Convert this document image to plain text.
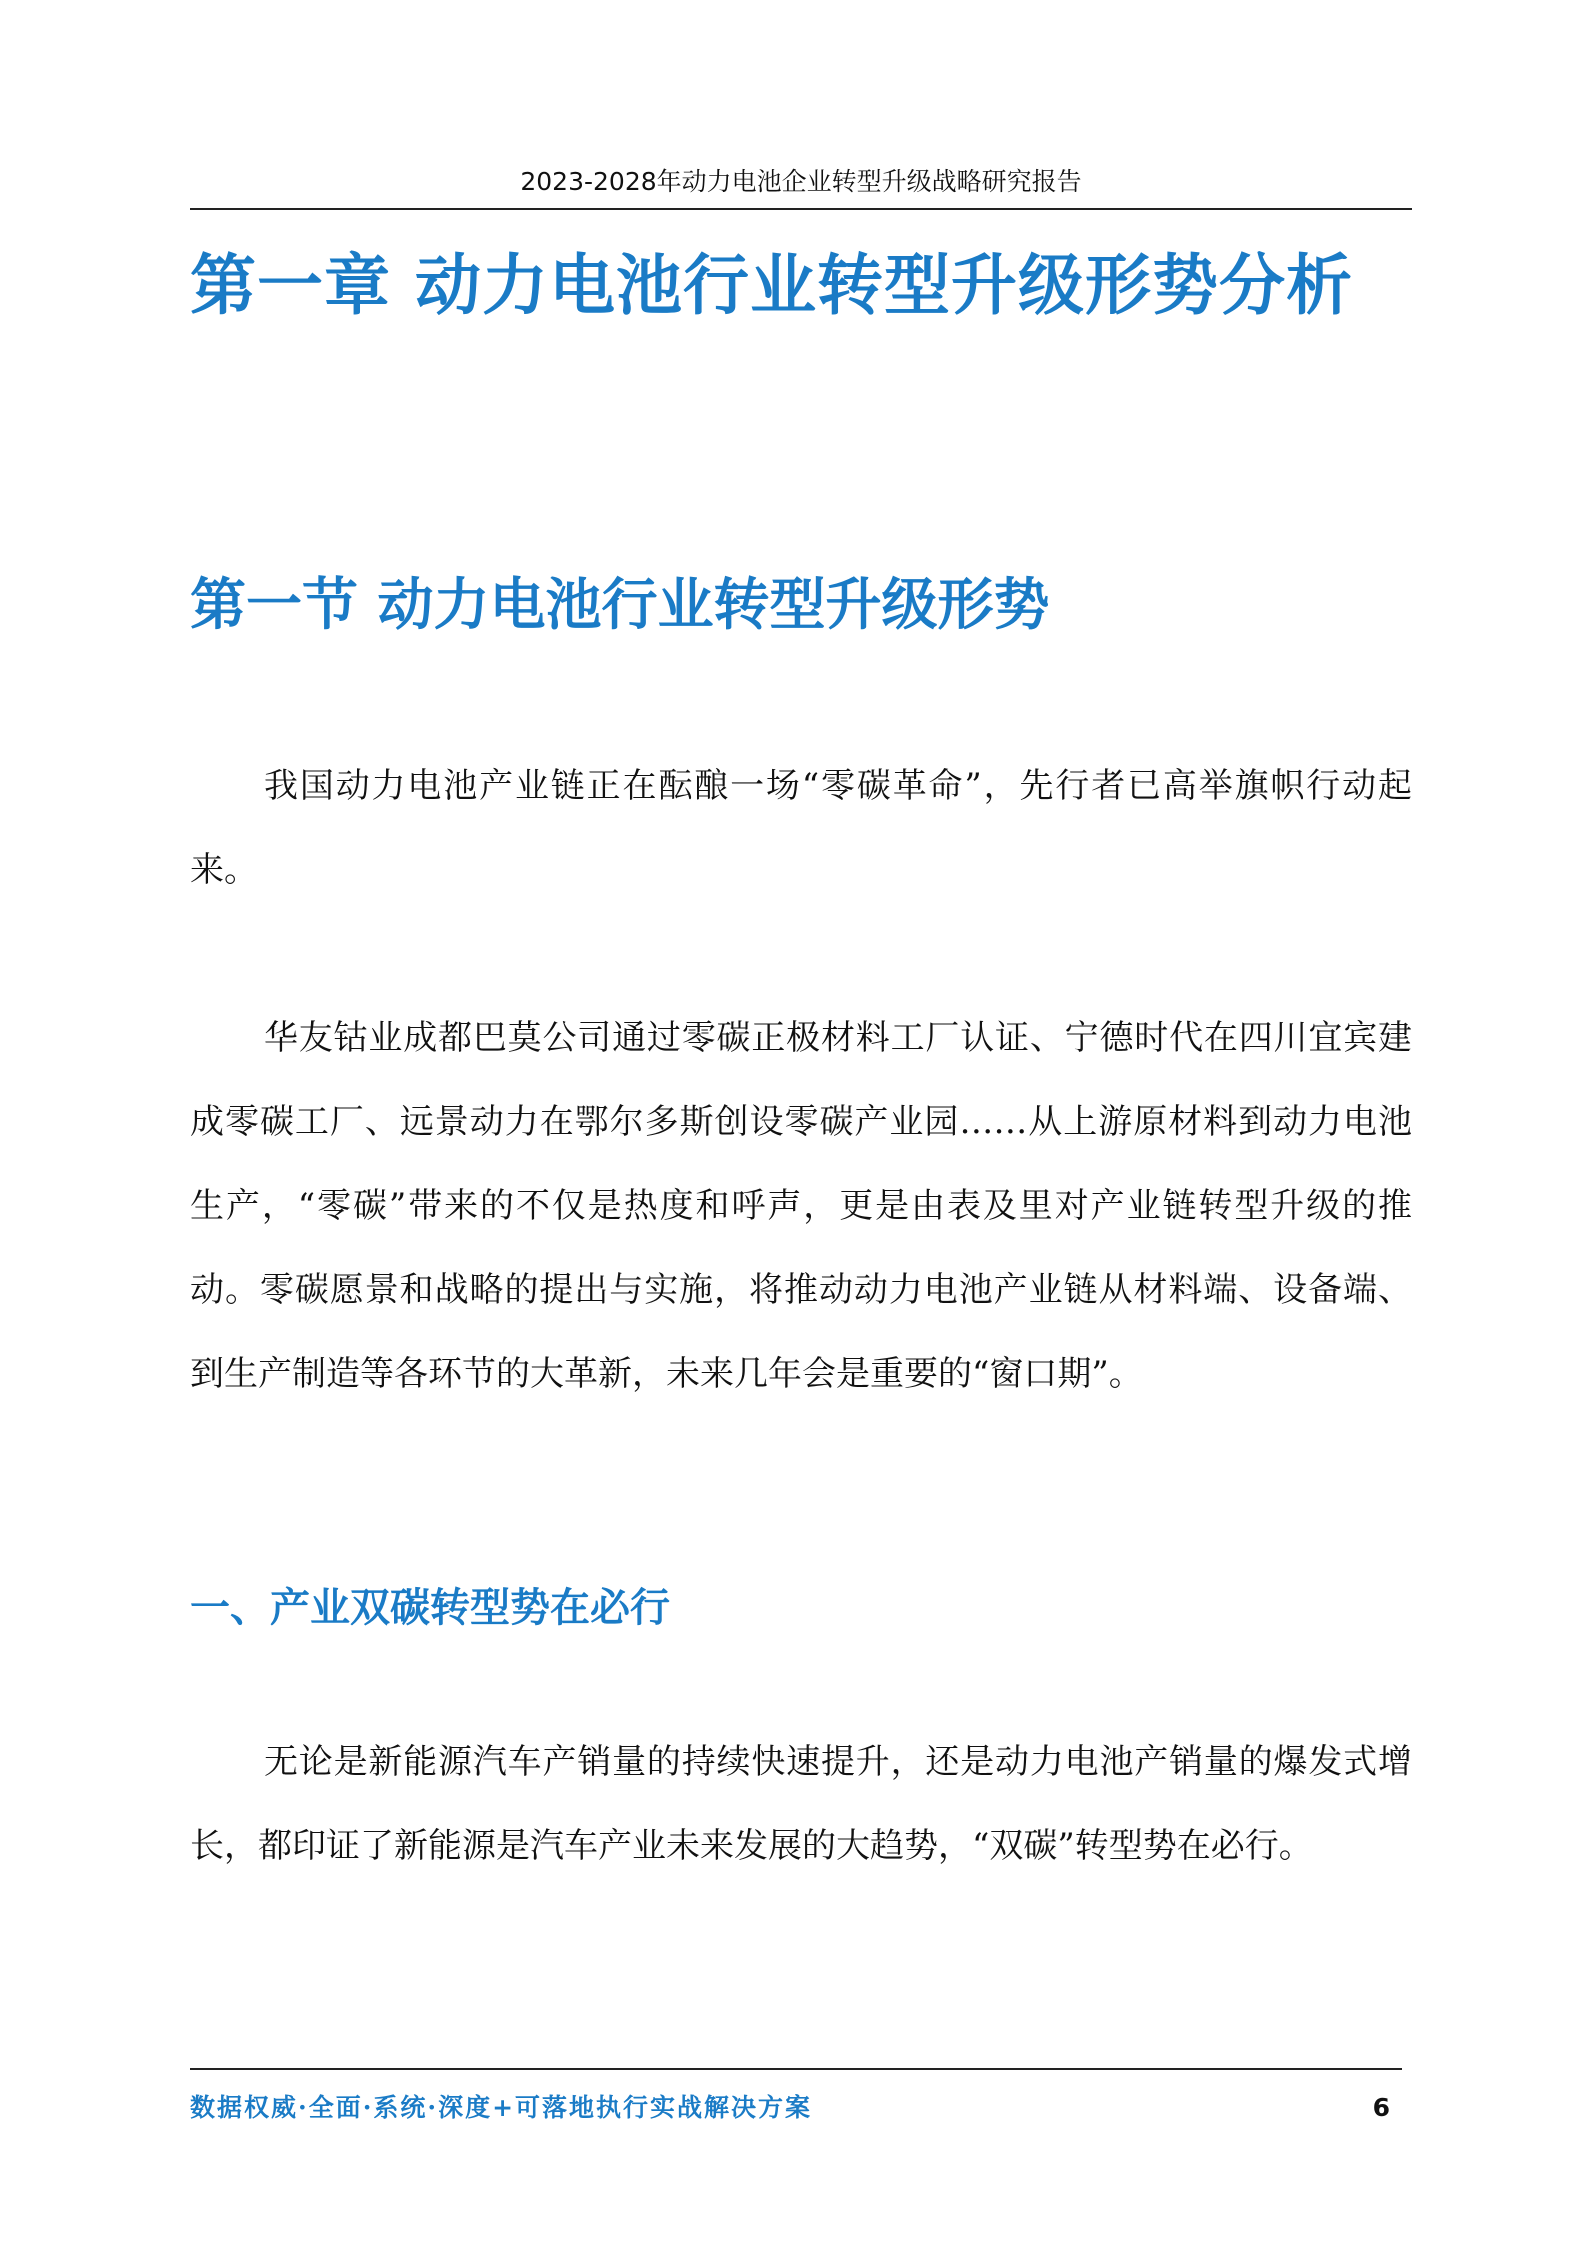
2023-2028年动力电池企业转型升级战略研究报告
第一章 动力电池行业转型升级形势分析
第一节 动力电池行业转型升级形势

我国动力电池产业链正在酝酿一场“零碳革命”，先行者已高举旗帜行动起来。

华友钴业成都巴莫公司通过零碳正极材料工厂认证、宁德时代在四川宜宾建成零碳工厂、远景动力在鄂尔多斯创设零碳产业园……从上游原材料到动力电池生产，“零碳”带来的不仅是热度和呼声，更是由表及里对产业链转型升级的推动。零碳愿景和战略的提出与实施，将推动动力电池产业链从材料端、设备端、到生产制造等各环节的大革新，未来几年会是重要的“窗口期”。

一、产业双碳转型势在必行

无论是新能源汽车产销量的持续快速提升，还是动力电池产销量的爆发式增长，都印证了新能源是汽车产业未来发展的大趋势，“双碳”转型势在必行。

数据权威·全面·系统·深度+可落地执行实战解决方案	6
